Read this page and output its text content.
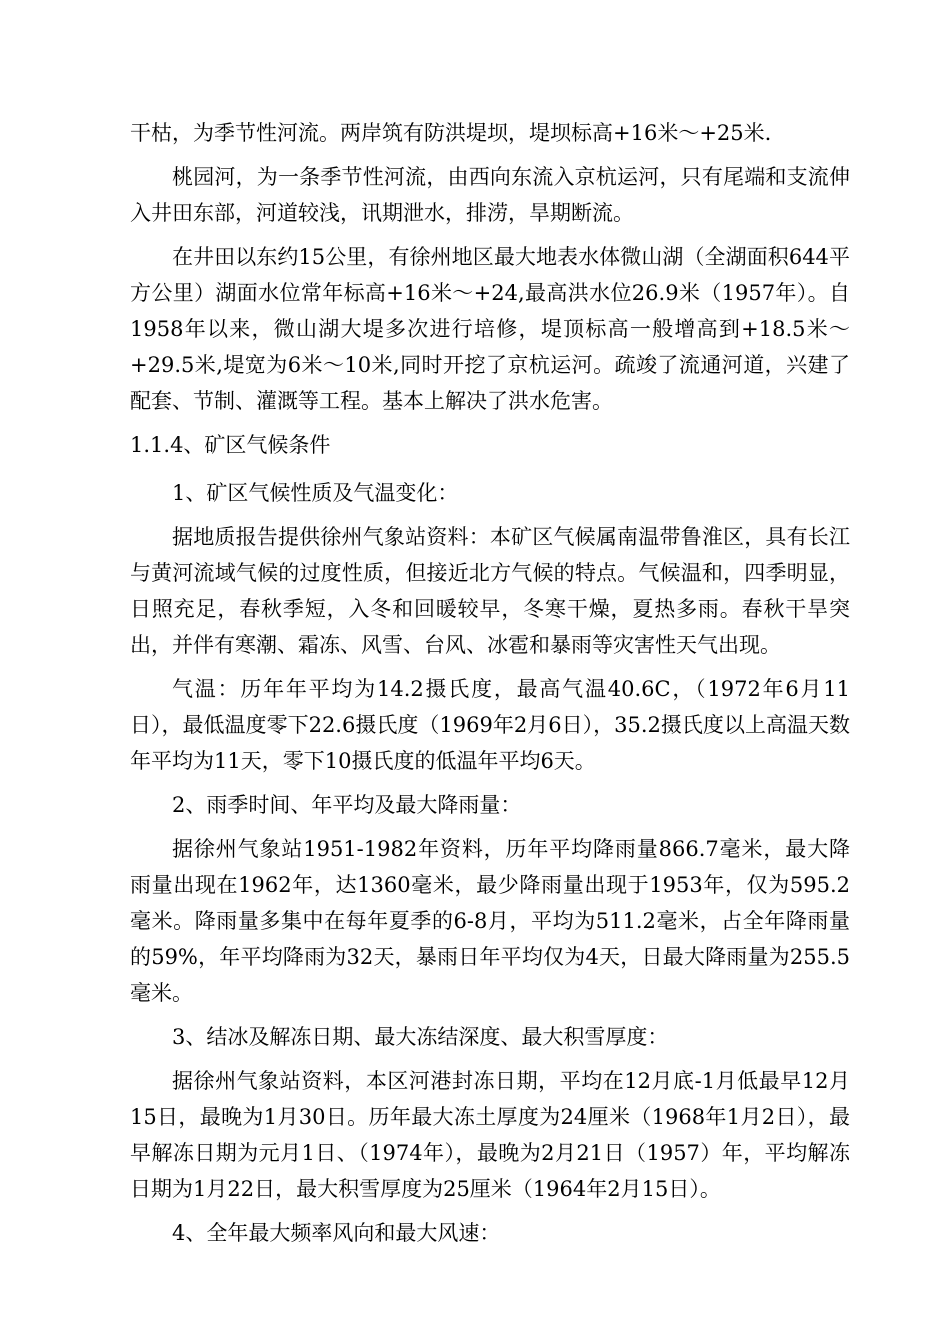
干枯，为季节性河流。两岸筑有防洪堤坝，堤坝标高+16米～+25米.

桃园河，为一条季节性河流，由西向东流入京杭运河，只有尾端和支流伸入井田东部，河道较浅，讯期泄水，排涝，旱期断流。

在井田以东约15公里，有徐州地区最大地表水体微山湖（全湖面积644平方公里）湖面水位常年标高+16米～+24,最高洪水位26.9米（1957年）。自1958年以来，微山湖大堤多次进行培修，堤顶标高一般增高到+18.5米～+29.5米,堤宽为6米～10米,同时开挖了京杭运河。疏竣了流通河道，兴建了配套、节制、灌溉等工程。基本上解决了洪水危害。

1.1.4、矿区气候条件

1、矿区气候性质及气温变化：

据地质报告提供徐州气象站资料：本矿区气候属南温带鲁淮区，具有长江与黄河流域气候的过度性质，但接近北方气候的特点。气候温和，四季明显，日照充足，春秋季短，入冬和回暖较早，冬寒干燥，夏热多雨。春秋干旱突出，并伴有寒潮、霜冻、风雪、台风、冰雹和暴雨等灾害性天气出现。

气温：历年年平均为14.2摄氏度，最高气温40.6C，（1972年6月11日），最低温度零下22.6摄氏度（1969年2月6日），35.2摄氏度以上高温天数年平均为11天，零下10摄氏度的低温年平均6天。

2、雨季时间、年平均及最大降雨量：

据徐州气象站1951-1982年资料，历年平均降雨量866.7毫米，最大降雨量出现在1962年，达1360毫米，最少降雨量出现于1953年，仅为595.2毫米。降雨量多集中在每年夏季的6-8月，平均为511.2毫米，占全年降雨量的59%，年平均降雨为32天，暴雨日年平均仅为4天，日最大降雨量为255.5毫米。

3、结冰及解冻日期、最大冻结深度、最大积雪厚度：

据徐州气象站资料，本区河港封冻日期，平均在12月底-1月低最早12月15日，最晚为1月30日。历年最大冻土厚度为24厘米（1968年1月2日），最早解冻日期为元月1日、（1974年），最晚为2月21日（1957）年，平均解冻日期为1月22日，最大积雪厚度为25厘米（1964年2月15日）。

4、全年最大频率风向和最大风速：
